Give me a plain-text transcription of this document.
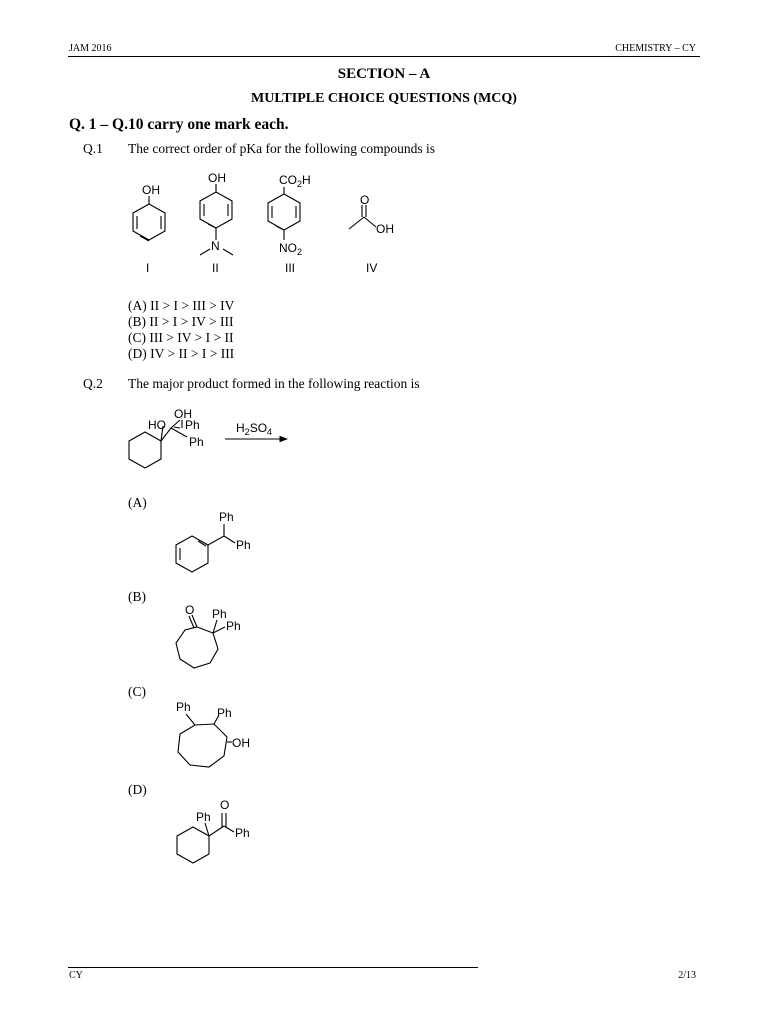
JAM 2016	CHEMISTRY – CY
SECTION – A
MULTIPLE CHOICE QUESTIONS (MCQ)
Q. 1 – Q.10 carry one mark each.
Q.1 The correct order of pKa for the following compounds is
OH
OH
N
$CO_2H$
$NO_2$
O
OH
I	II	III	IV
(A) II > I > III > IV
(B) II > I > IV > III
(C) III > IV > I > II
(D) IV > II > I > III
Q.2 The major product formed in the following reaction is
OH
HO Ph
Ph
$H_2SO_4$
Ph
Ph
O Ph
Ph
Ph Ph
OH
Ph
O
Ph
(A)
(B)
(C)
(D)
CY	2/13
